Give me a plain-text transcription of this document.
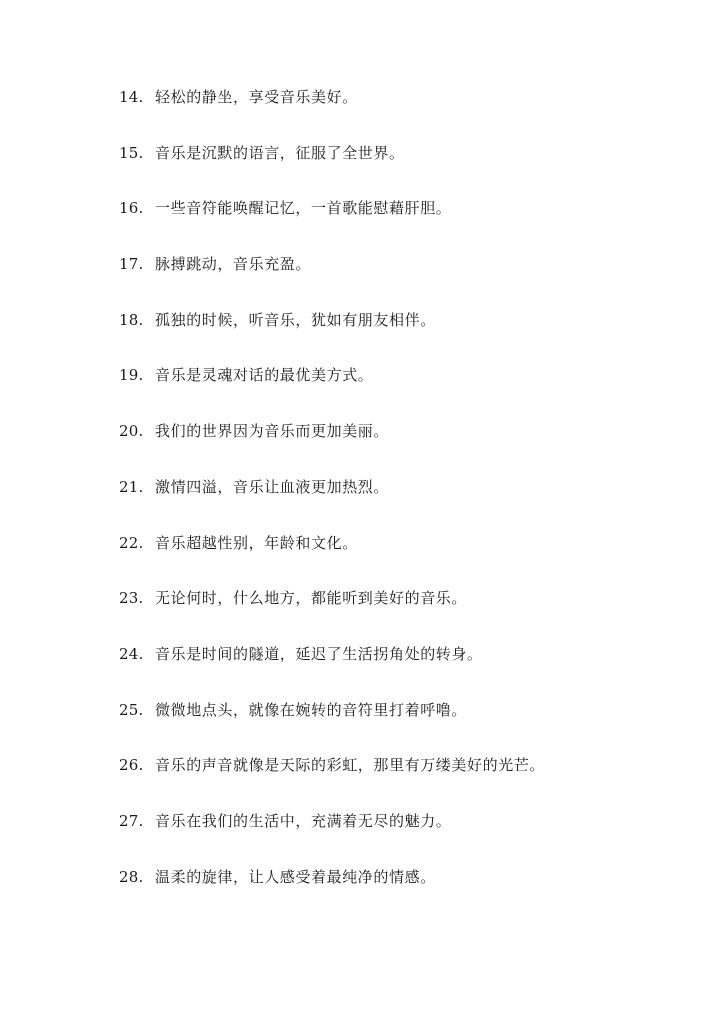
14. 轻松的静坐，享受音乐美好。
15. 音乐是沉默的语言，征服了全世界。
16. 一些音符能唤醒记忆，一首歌能慰藉肝胆。
17. 脉搏跳动，音乐充盈。
18. 孤独的时候，听音乐，犹如有朋友相伴。
19. 音乐是灵魂对话的最优美方式。
20. 我们的世界因为音乐而更加美丽。
21. 激情四溢，音乐让血液更加热烈。
22. 音乐超越性别，年龄和文化。
23. 无论何时，什么地方，都能听到美好的音乐。
24. 音乐是时间的隧道，延迟了生活拐角处的转身。
25. 微微地点头，就像在婉转的音符里打着呼噜。
26. 音乐的声音就像是天际的彩虹，那里有万缕美好的光芒。
27. 音乐在我们的生活中，充满着无尽的魅力。
28. 温柔的旋律，让人感受着最纯净的情感。
